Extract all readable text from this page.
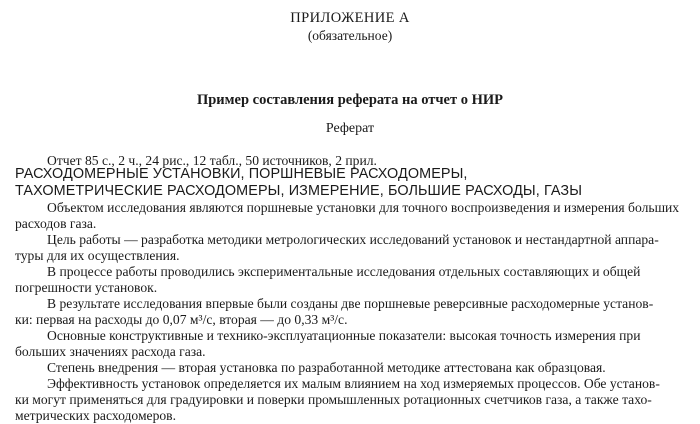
ПРИЛОЖЕНИЕ А
(обязательное)
Пример составления реферата на отчет о НИР
Реферат
Отчет 85 с., 2 ч., 24 рис., 12 табл., 50 источников, 2 прил.
РАСХОДОМЕРНЫЕ УСТАНОВКИ, ПОРШНЕВЫЕ РАСХОДОМЕРЫ,
ТАХОМЕТРИЧЕСКИЕ РАСХОДОМЕРЫ, ИЗМЕРЕНИЕ, БОЛЬШИЕ РАСХОДЫ, ГАЗЫ
Объектом исследования являются поршневые установки для точного воспроизведения и измерения больших
расходов газа.
Цель работы — разработка методики метрологических исследований установок и нестандартной аппара-
туры для их осуществления.
В процессе работы проводились экспериментальные исследования отдельных составляющих и общей
погрешности установок.
В результате исследования впервые были созданы две поршневые реверсивные расходомерные установ-
ки: первая на расходы до 0,07 м³/с, вторая — до 0,33 м³/с.
Основные конструктивные и технико-эксплуатационные показатели: высокая точность измерения при
больших значениях расхода газа.
Степень внедрения — вторая установка по разработанной методике аттестована как образцовая.
Эффективность установок определяется их малым влиянием на ход измеряемых процессов. Обе установ-
ки могут применяться для градуировки и поверки промышленных ротационных счетчиков газа, а также тахо-
метрических расходомеров.
